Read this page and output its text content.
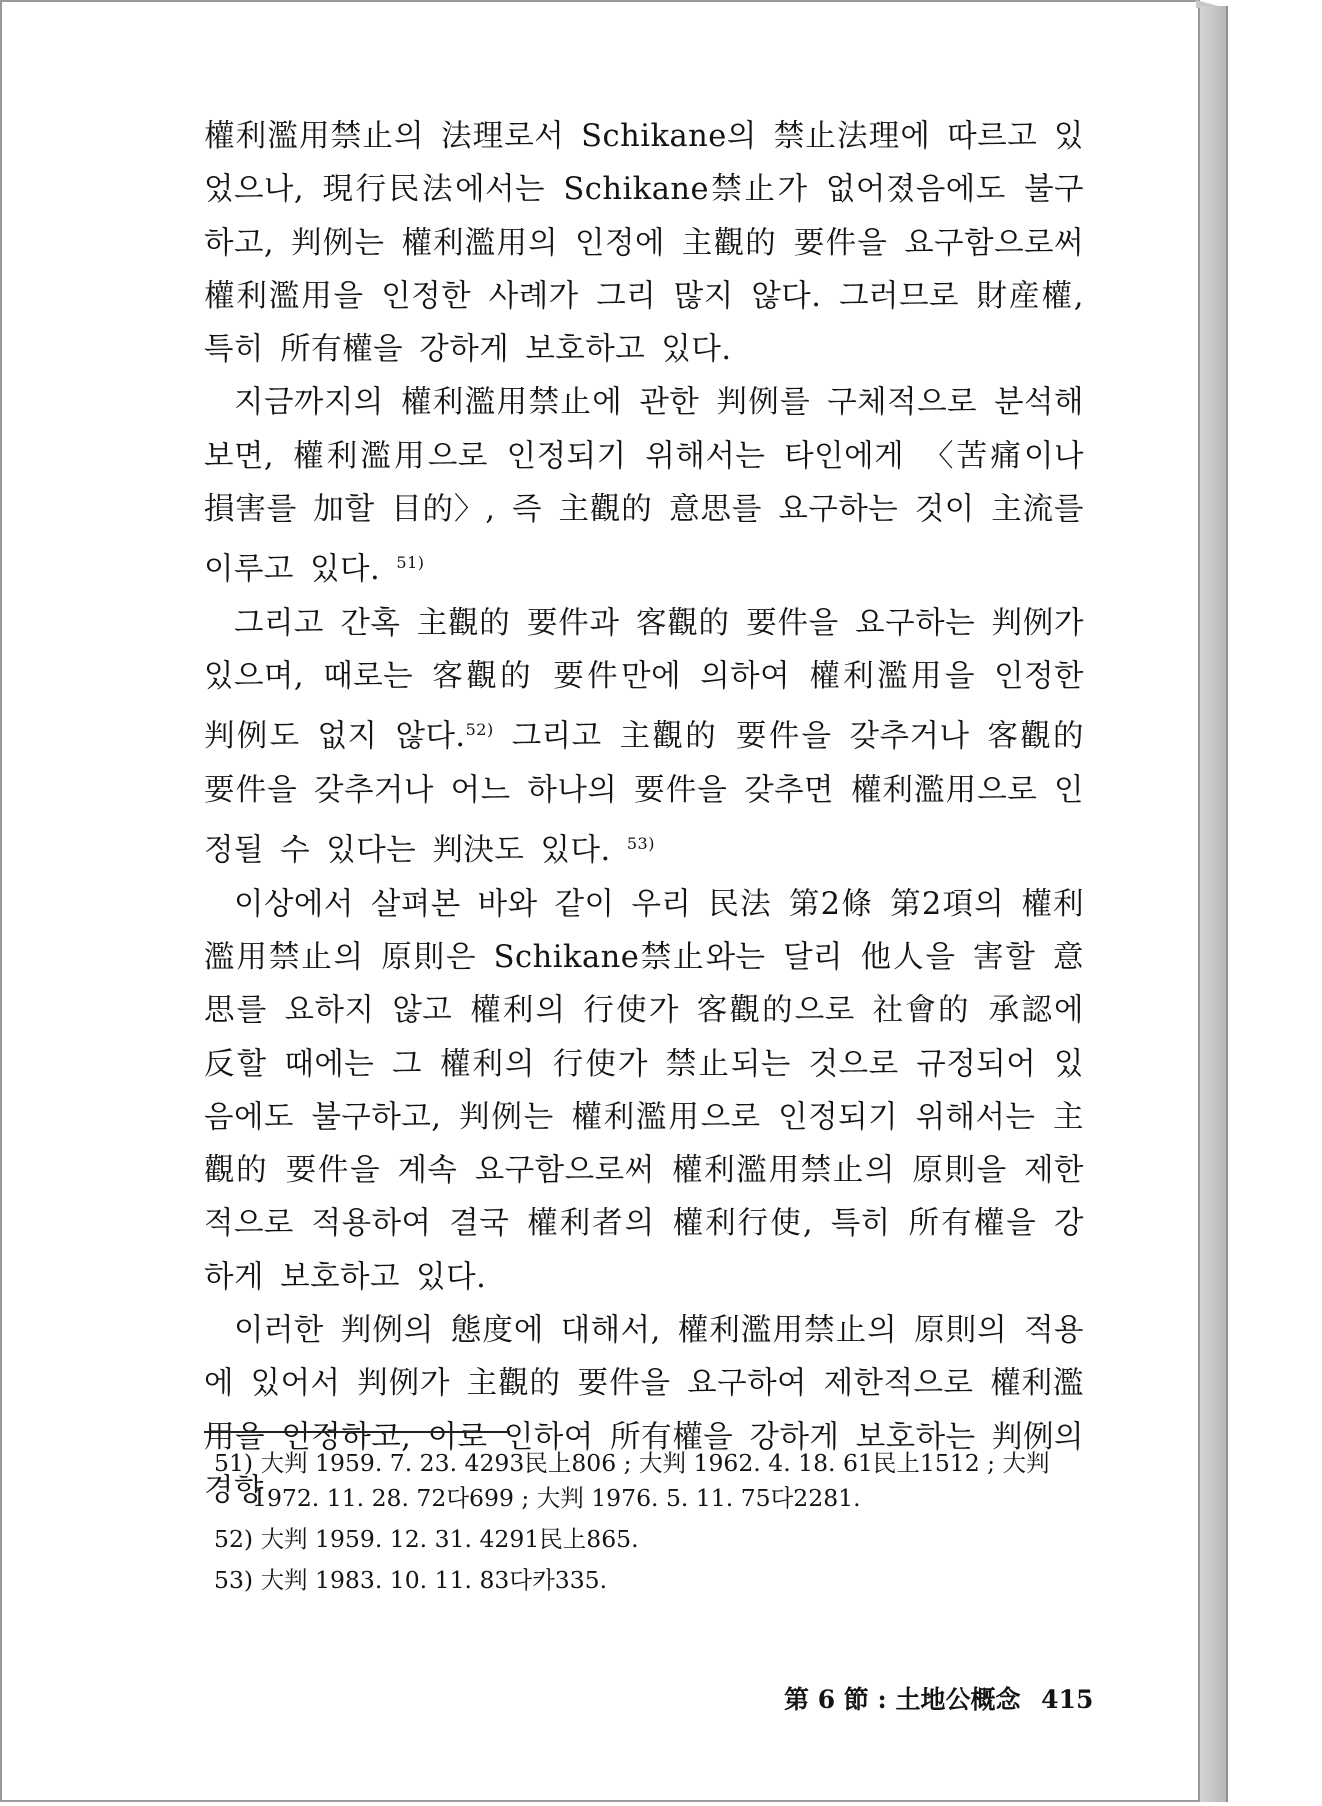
權利濫用禁止의 法理로서 Schikane의 禁止法理에 따르고 있었으나, 現行民法에서는 Schikane禁止가 없어졌음에도 불구하고, 判例는 權利濫用의 인정에 主觀的 要件을 요구함으로써 權利濫用을 인정한 사례가 그리 많지 않다. 그러므로 財産權, 특히 所有權을 강하게 보호하고 있다.

지금까지의 權利濫用禁止에 관한 判例를 구체적으로 분석해보면, 權利濫用으로 인정되기 위해서는 타인에게 〈苦痛이나 損害를 加할 目的〉, 즉 主觀的 意思를 요구하는 것이 主流를 이루고 있다. $^{51)}$

그리고 간혹 主觀的 要件과 客觀的 要件을 요구하는 判例가 있으며, 때로는 客觀的 要件만에 의하여 權利濫用을 인정한 判例도 없지 않다.$^{52)}$ 그리고 主觀的 要件을 갖추거나 客觀的 要件을 갖추거나 어느 하나의 要件을 갖추면 權利濫用으로 인정될 수 있다는 判決도 있다. $^{53)}$

이상에서 살펴본 바와 같이 우리 民法 第2條 第2項의 權利濫用禁止의 原則은 Schikane禁止와는 달리 他人을 害할 意思를 요하지 않고 權利의 行使가 客觀的으로 社會的 承認에 反할 때에는 그 權利의 行使가 禁止되는 것으로 규정되어 있음에도 불구하고, 判例는 權利濫用으로 인정되기 위해서는 主觀的 要件을 계속 요구함으로써 權利濫用禁止의 原則을 제한적으로 적용하여 결국 權利者의 權利行使, 특히 所有權을 강하게 보호하고 있다.

이러한 判例의 態度에 대해서, 權利濫用禁止의 原則의 적용에 있어서 判例가 主觀的 要件을 요구하여 제한적으로 權利濫用을 인정하고, 이로 인하여 所有權을 강하게 보호하는 判例의 경향

51) 大判 1959. 7. 23. 4293民上806 ; 大判 1962. 4. 18. 61民上1512 ; 大判
1972. 11. 28. 72다699 ; 大判 1976. 5. 11. 75다2281.
52) 大判 1959. 12. 31. 4291民上865.
53) 大判 1983. 10. 11. 83다카335.
第 6 節 : 土地公概念 415
